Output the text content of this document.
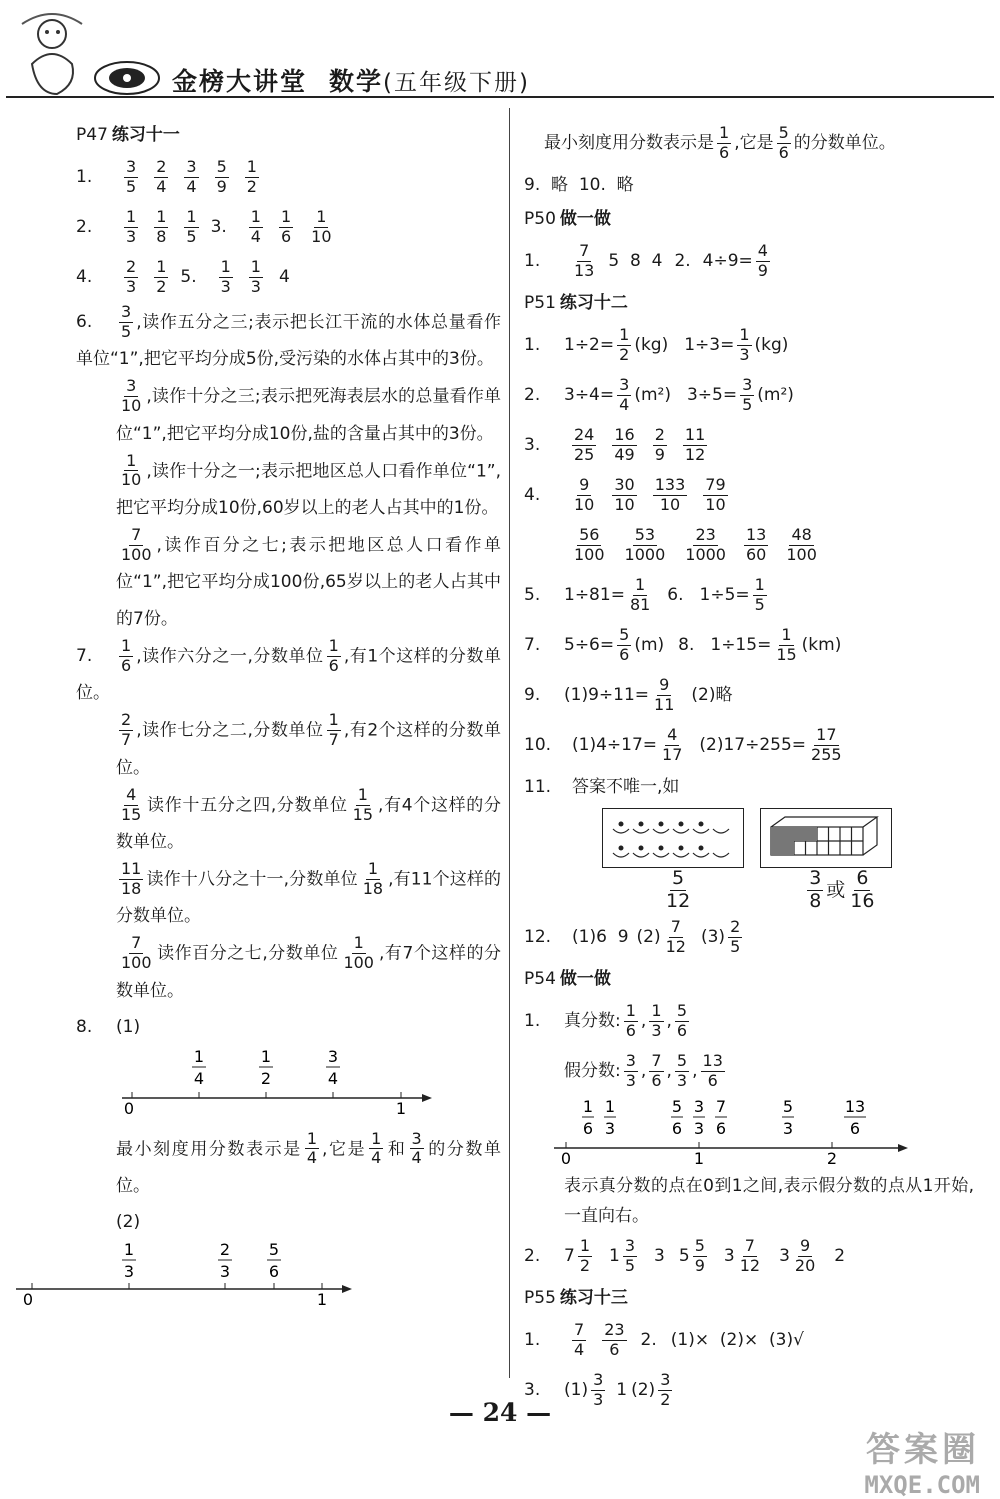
金榜大讲堂 数学(五年级下册)
P47 练习十一
1.	$\frac{3}{5} \frac{2}{4} \frac{3}{4} \frac{5}{9} \frac{1}{2}$
2.	$\frac{1}{3} \frac{1}{8} \frac{1}{5} 3$. $\frac{1}{4} \frac{1}{6} \frac{1}{10}$
4.	$\frac{2}{3} \frac{1}{2} 5$. $\frac{1}{3} \frac{1}{3} 4$
6. $\frac{3}{5}$ ,读作五分之三;表示把长江干流的水体总量看作单位“1”,把它平均分成5份,受污染的水体占其中的3份。
$\frac{3}{10}$ ,读作十分之三;表示把死海表层水的总量看作单位“1”,把它平均分成10份,盐的含量占其中的3份。
$\frac{1}{10}$ ,读作十分之一;表示把地区总人口看作单位“1”,把它平均分成10份,60岁以上的老人占其中的1份。
$\frac{7}{100}$ ,读作百分之七;表示把地区总人口看作单位“1”,把它平均分成100份,65岁以上的老人占其中的7份。
7. $\frac{1}{6}$ ,读作六分之一,分数单位 $\frac{1}{6}$ ,有1个这样的分数单位。
$\frac{2}{7}$ ,读作七分之二,分数单位 $\frac{1}{7}$ ,有2个这样的分数单位。
$\frac{4}{15}$ 读作十五分之四,分数单位 $\frac{1}{15}$ ,有4个这样的分数单位。
$\frac{11}{18}$ 读作十八分之十一,分数单位 $\frac{1}{18}$ ,有11个这样的分数单位。
$\frac{7}{100}$ 读作百分之七,分数单位 $\frac{1}{100}$ ,有7个这样的分数单位。
8.	(1)
0	1
1
4
1
2
3
4
最小刻度用分数表示是 $\frac{1}{4}$ ,它是 $\frac{1}{4}$ 和 $\frac{3}{4}$ 的分数单位。
(2)
0	1
1
3
2
3
5
6
最小刻度用分数表示是 $\frac{1}{6}$ ,它是 $\frac{5}{6}$ 的分数单位。
9.  略  10.  略
P50 做一做
1.	$\frac{7}{13} 5$  8  4 2. $4\div 9= \frac{4}{9}$
P51 练习十二
1.	$1\div 2= \frac{1}{2} (kg)$ $1\div 3= \frac{1}{3} (kg)$
2.	$3\div 4= \frac{3}{4} (m^2)$ $3\div 5= \frac{3}{5} (m^2)$
3.	$\frac{24}{25} \frac{16}{49} \frac{2}{9} \frac{11}{12}$
4.	$\frac{9}{10} \frac{30}{10} \frac{133}{10} \frac{79}{10}$
$\frac{56}{100} \frac{53}{1000} \frac{23}{1000} \frac{13}{60} \frac{48}{100}$
5.	$1\div 81= \frac{1}{81} 6$. $1\div 5= \frac{1}{5}$
7.	$5\div 6= \frac{5}{6} (m)$ 8. $1\div 15= \frac{1}{15} (km)$
9.	$(1)9\div 11= \frac{9}{11} (2)$略
10.	$(1)4\div 17= \frac{4}{17} (2)17\div 255= \frac{17}{255}$
11.	答案不唯一,如
$\frac{5}{12}$	$\frac{3}{8}$ 或 $\frac{6}{16}$
12.	(1)6  9 $(2) \frac{7}{12} (3) \frac{2}{5}$
P54 做一做
1.	真分数: $\frac{1}{6}$ , $\frac{1}{3}$ , $\frac{5}{6}$
假分数: $\frac{3}{3}$ , $\frac{7}{6}$ , $\frac{5}{3}$ , $\frac{13}{6}$
0	1	2
1
6
1
3
5
6
3
3
7
6
5
3
13
6
表示真分数的点在0到1之间,表示假分数的点从1开始,一直向右。
2.	$7 \frac{1}{2} 1 \frac{3}{5} 3$ $5 \frac{5}{9} 3 \frac{7}{12} 3 \frac{9}{20} 2$
P55 练习十三
1.	$\frac{7}{4} \frac{23}{6} 2$. (1)×  (2)×  (3)√
3.	$(1) \frac{3}{3} 1$ $(2) \frac{3}{2}$
— 24 —
答案圈
MXQE.COM
